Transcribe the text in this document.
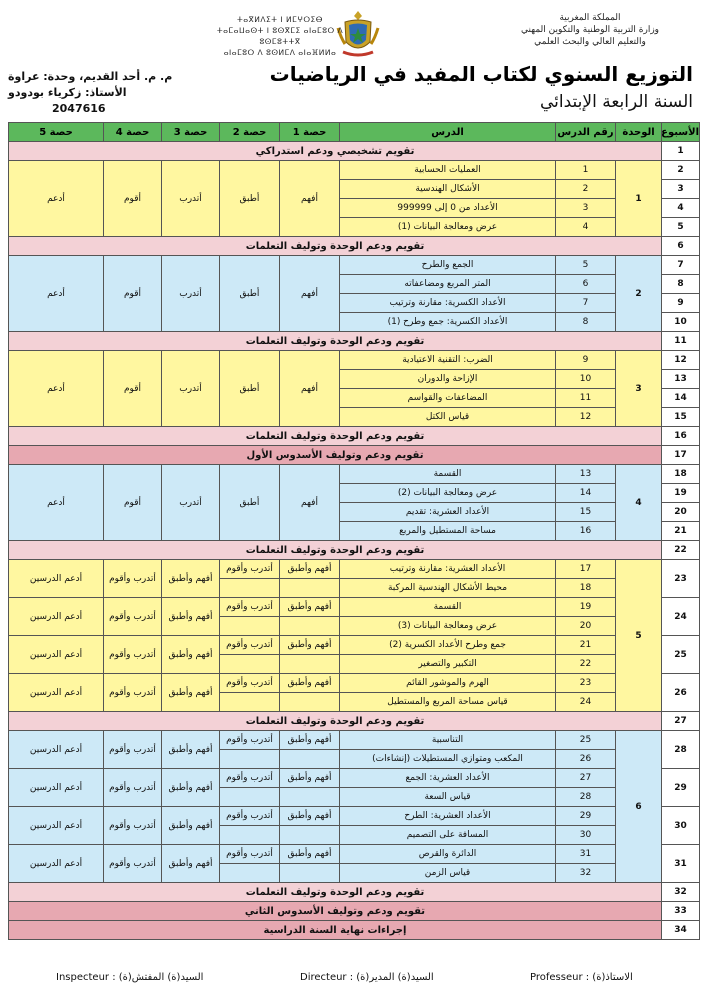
المملكة المغربية
وزارة التربية الوطنية والتكوين المهني
والتعليم العالي والبحث العلمي
ⵜⴰⴳⵍⴷⵉⵜ ⵏ ⵍⵎⵖⵔⵉⴱ
ⵜⴰⵎⴰⵡⴰⵙⵜ ⵏ ⵓⵙⴳⵎⵉ ⴰⵏⴰⵎⵓⵔ ⴷ ⵓⵙⵎⵓⵜⵜⴳ
ⴰⵏⴰⵎⵓⵔ ⴷ ⵓⵙⵍⵎⴷ ⴰⵏⴰⴼⵍⵍⴰ
التوزيع السنوي لكتاب المفيد في الرياضيات
السنة الرابعة الإبتدائي
م. م. أحد القديم، وحدة: عراوة
الأستاذ: زكرياء بودودو
2047616
الأسبوع	الوحدة	رقم الدرس	الدرس	حصة 1	حصة 2	حصة 3	حصة 4	حصة 5
1	تقويم تشخيصي ودعم استدراكي							
2	1	1	العمليات الحسابية	أفهم	أطبق	أتدرب	أقوم	أدعم
3		2	الأشكال الهندسية					
4		3	الأعداد من 0 إلى 999999					
5		4	عرض ومعالجة البيانات (1)					
6	تقويم ودعم الوحدة وتوليف التعلمات							
7	2	5	الجمع والطرح	أفهم	أطبق	أتدرب	أقوم	أدعم
8		6	المتر المربع ومضاعفاته					
9		7	الأعداد الكسرية: مقارنة وترتيب					
10		8	الأعداد الكسرية: جمع وطرح (1)					
11	تقويم ودعم الوحدة وتوليف التعلمات							
12	3	9	الضرب: التقنية الاعتيادية	أفهم	أطبق	أتدرب	أقوم	أدعم
13		10	الإزاحة والدوران					
14		11	المضاعفات والقواسم					
15		12	قياس الكتل					
16	تقويم ودعم الوحدة وتوليف التعلمات							
17	تقويم ودعم وتوليف الأسدوس الأول							
18	4	13	القسمة	أفهم	أطبق	أتدرب	أقوم	أدعم
19		14	عرض ومعالجة البيانات (2)					
20		15	الأعداد العشرية: تقديم					
21		16	مساحة المستطيل والمربع					
22	تقويم ودعم الوحدة وتوليف التعلمات							
23	5	17	الأعداد العشرية: مقارنة وترتيب	أفهم وأطبق	أتدرب وأقوم	أفهم وأطبق	أتدرب وأقوم	أدعم الدرسين
		18	محيط الأشكال الهندسية المركبة					
24		19	القسمة	أفهم وأطبق	أتدرب وأقوم	أفهم وأطبق	أتدرب وأقوم	أدعم الدرسين
		20	عرض ومعالجة البيانات (3)					
25		21	جمع وطرح الأعداد الكسرية (2)	أفهم وأطبق	أتدرب وأقوم	أفهم وأطبق	أتدرب وأقوم	أدعم الدرسين
		22	التكبير والتصغير					
26		23	الهرم والموشور القائم	أفهم وأطبق	أتدرب وأقوم	أفهم وأطبق	أتدرب وأقوم	أدعم الدرسين
		24	قياس مساحة المربع والمستطيل					
27	تقويم ودعم الوحدة وتوليف التعلمات							
28	6	25	التناسبية	أفهم وأطبق	أتدرب وأقوم	أفهم وأطبق	أتدرب وأقوم	أدعم الدرسين
		26	المكعب ومتوازي المستطيلات (إنشاءات)					
29		27	الأعداد العشرية: الجمع	أفهم وأطبق	أتدرب وأقوم	أفهم وأطبق	أتدرب وأقوم	أدعم الدرسين
		28	قياس السعة					
30		29	الأعداد العشرية: الطرح	أفهم وأطبق	أتدرب وأقوم	أفهم وأطبق	أتدرب وأقوم	أدعم الدرسين
		30	المسافة على التصميم					
31		31	الدائرة والقرص	أفهم وأطبق	أتدرب وأقوم	أفهم وأطبق	أتدرب وأقوم	أدعم الدرسين
		32	قياس الزمن					
32	تقويم ودعم الوحدة وتوليف التعلمات							
33	تقويم ودعم وتوليف الأسدوس الثاني							
34	إجراءات نهاية السنة الدراسية							
Inspecteur : السيد(ة) المفتش(ة)	Directeur : السيد(ة) المدير(ة)	Professeur : الاستاذ(ة)
